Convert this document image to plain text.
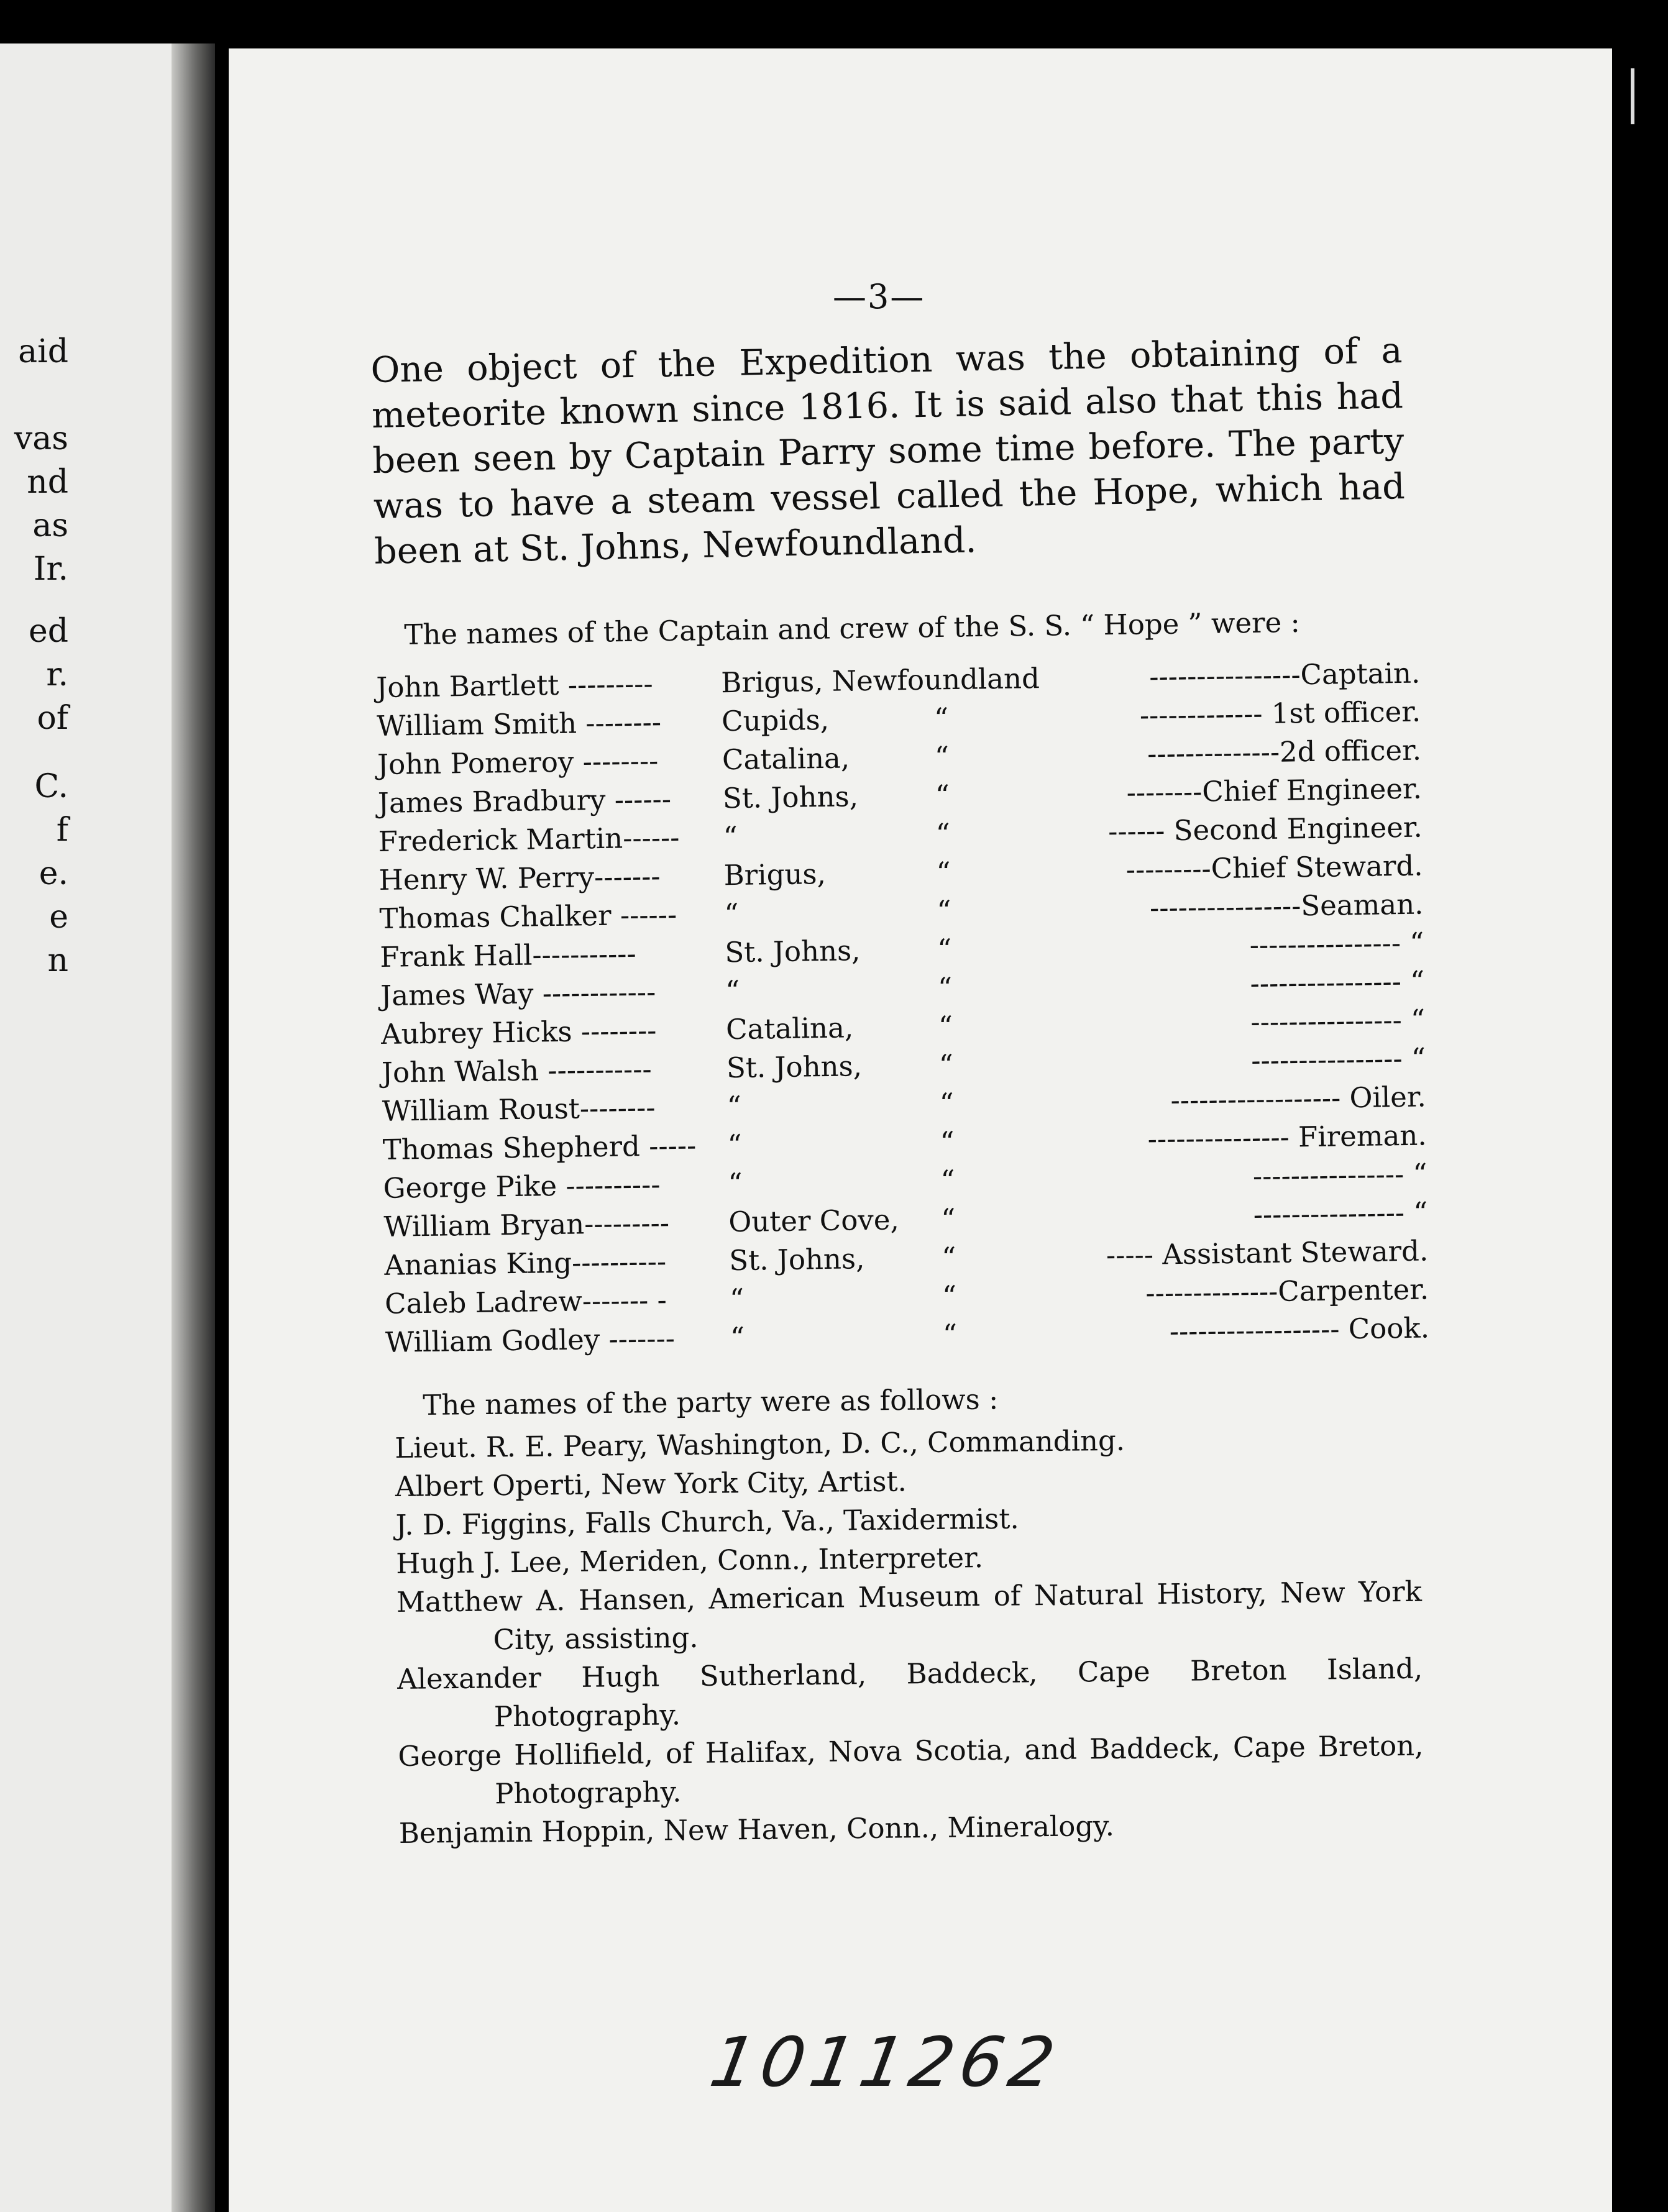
aid
vas
nd
as
Ir.
ed
r.
of
C.
f
e.
e
n
—3—
One object of the Expedition was the obtaining of a meteorite known since 1816. It is said also that this had been seen by Captain Parry some time before. The party was to have a steam vessel called the Hope, which had been at St. Johns, Newfoundland.
The names of the Captain and crew of the S. S. “ Hope ” were :
John Bartlett ---------	Brigus, Newfoundland	----------------Captain.
William Smith --------	Cupids,	“	------------- 1st officer.
John Pomeroy --------	Catalina,	“	--------------2d officer.
James Bradbury ------	St. Johns,	“	--------Chief Engineer.
Frederick Martin------	“	“	------ Second Engineer.
Henry W. Perry-------	Brigus,	“	---------Chief Steward.
Thomas Chalker ------	“	“	----------------Seaman.
Frank Hall-----------	St. Johns,	“	---------------- “
James Way ------------	“	“	---------------- “
Aubrey Hicks --------	Catalina,	“	---------------- “
John Walsh -----------	St. Johns,	“	---------------- “
William Roust--------	“	“	------------------ Oiler.
Thomas Shepherd -----	“	“	--------------- Fireman.
George Pike ----------	“	“	---------------- “
William Bryan---------	Outer Cove, “	---------------- “
Ananias King----------	St. Johns,	“	----- Assistant Steward.
Caleb Ladrew------- -	“	“	--------------Carpenter.
William Godley -------	“	“	------------------ Cook.
The names of the party were as follows :
Lieut. R. E. Peary, Washington, D. C., Commanding.
Albert Operti, New York City, Artist.
J. D. Figgins, Falls Church, Va., Taxidermist.
Hugh J. Lee, Meriden, Conn., Interpreter.
Matthew A. Hansen, American Museum of Natural History, New York City, assisting.
Alexander Hugh Sutherland, Baddeck, Cape Breton Island, Photography.
George Hollifield, of Halifax, Nova Scotia, and Baddeck, Cape Breton, Photography.
Benjamin Hoppin, New Haven, Conn., Mineralogy.
1011262
